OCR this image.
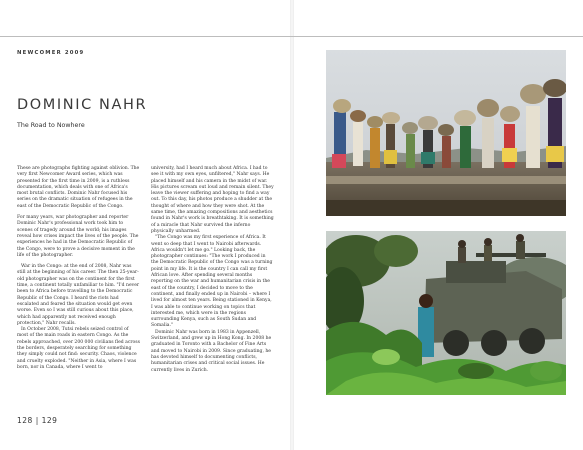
NEWCOMER 2009
DOMINIC NAHR
The Road to Nowhere

These are photographs fighting against oblivion. The very first Newcomer Award series, which was presented for the first time in 2009, is a ruthless documentation, which deals with one of Africa's most brutal conflicts. Dominic Nahr focused his series on the dramatic situation of refugees in the east of the Democratic Republic of the Congo.

For many years, war photographer and reporter Dominic Nahr's professional work took him to scenes of tragedy around the world; his images reveal how crises impact the lives of the people. The experiences he had in the Democratic Republic of the Congo, were to prove a decisive moment in the life of the photographer.

War in the Congo: at the end of 2008, Nahr was still at the beginning of his career. The then 25-year-old photographer was on the continent for the first time, a continent totally unfamiliar to him. "I'd never been to Africa before travelling to the Democratic Republic of the Congo. I heard the riots had escalated and feared the situation would get even worse. Even so I was still curious about this place, which had apparently not received enough protection," Nahr recalls.

In October 2008, Tutsi rebels seized control of most of the main roads in eastern Congo. As the rebels approached, over 200 000 civilians fled across the borders, desperately searching for something they simply could not find: security. Chaos, violence and cruelty exploded. "Neither in Asia, where I was born, nor in Canada, where I went to

university, had I heard much about Africa. I had to see it with my own eyes, unfiltered," Nahr says. He placed himself and his camera in the midst of war. His pictures scream out loud and remain silent. They leave the viewer suffering and hoping to find a way out. To this day, his photos produce a shudder at the thought of where and how they were shot. At the same time, the amazing compositions and aesthetics found in Nahr's work is breathtaking. It is something of a miracle that Nahr survived the inferno physically unharmed.

"The Congo was my first experience of Africa. It went so deep that I went to Nairobi afterwards. Africa wouldn't let me go." Looking back, the photographer continues: "The work I produced in the Democratic Republic of the Congo was a turning point in my life. It is the country I can call my first African love. After spending several months reporting on the war and humanitarian crisis in the east of the country, I decided to move to the continent, and finally ended up in Nairobi – where I lived for almost ten years. Being stationed in Kenya, I was able to continue working on topics that interested me, which were in the regions surrounding Kenya, such as South Sudan and Somalia."

Dominic Nahr was born in 1983 in Appenzell, Switzerland, and grew up in Hong Kong. In 2008 he graduated in Toronto with a Bachelor of Fine Arts and moved to Nairobi in 2009. Since graduating, he has devoted himself to documenting conflicts, humanitarian crises and critical social issues. He currently lives in Zurich.

128 | 129
